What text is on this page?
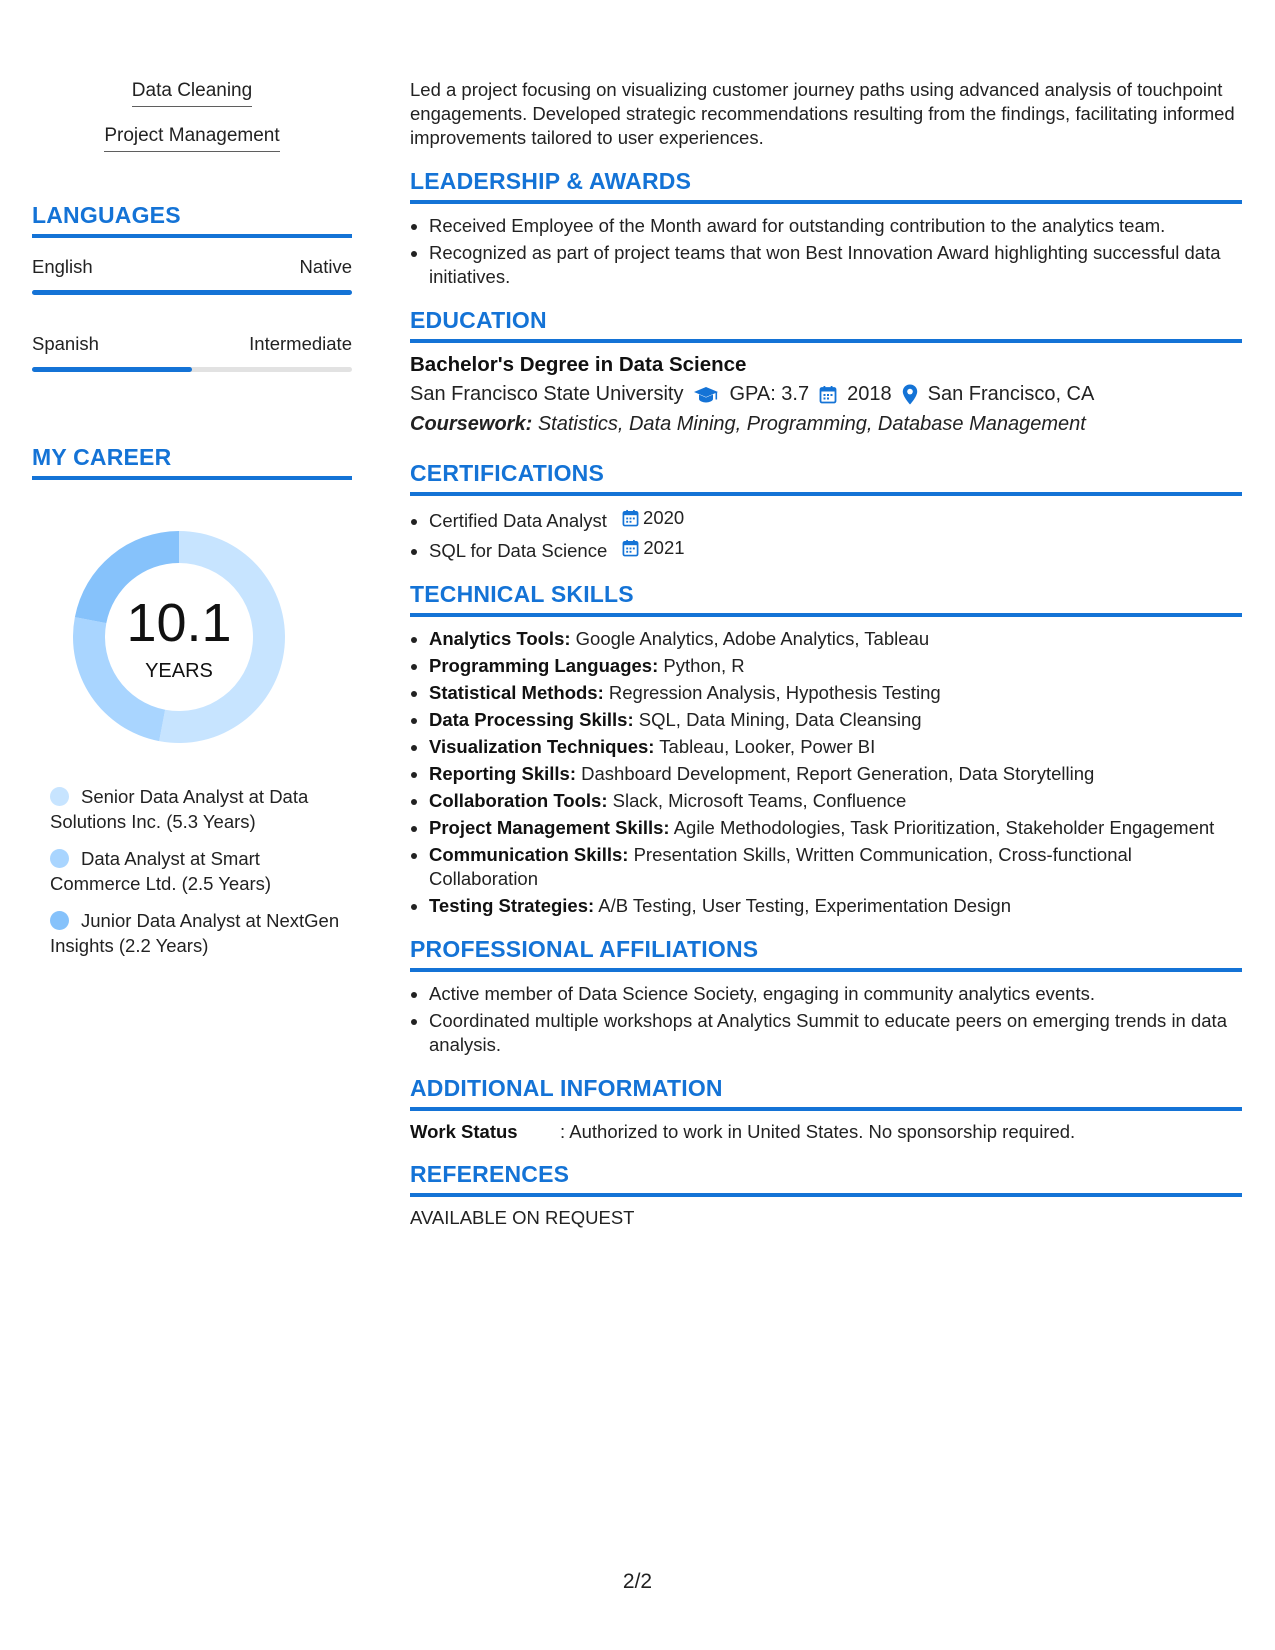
Data Cleaning
Project Management
LANGUAGES
English	Native
Spanish	Intermediate
MY CAREER
10.1
YEARS
Senior Data Analyst at Data Solutions Inc. (5.3 Years)
Data Analyst at Smart Commerce Ltd. (2.5 Years)
Junior Data Analyst at NextGen Insights (2.2 Years)

Led a project focusing on visualizing customer journey paths using advanced analysis of touchpoint engagements. Developed strategic recommendations resulting from the findings, facilitating informed improvements tailored to user experiences.

LEADERSHIP & AWARDS
• Received Employee of the Month award for outstanding contribution to the analytics team.
• Recognized as part of project teams that won Best Innovation Award highlighting successful data initiatives.
EDUCATION
Bachelor's Degree in Data Science
San Francisco State University GPA: 3.7 2018 San Francisco, CA
Coursework: Statistics, Data Mining, Programming, Database Management
CERTIFICATIONS
• Certified Data Analyst 2020
• SQL for Data Science 2021
TECHNICAL SKILLS
• Analytics Tools: Google Analytics, Adobe Analytics, Tableau
• Programming Languages: Python, R
• Statistical Methods: Regression Analysis, Hypothesis Testing
• Data Processing Skills: SQL, Data Mining, Data Cleansing
• Visualization Techniques: Tableau, Looker, Power BI
• Reporting Skills: Dashboard Development, Report Generation, Data Storytelling
• Collaboration Tools: Slack, Microsoft Teams, Confluence
• Project Management Skills: Agile Methodologies, Task Prioritization, Stakeholder Engagement
• Communication Skills: Presentation Skills, Written Communication, Cross-functional Collaboration
• Testing Strategies: A/B Testing, User Testing, Experimentation Design
PROFESSIONAL AFFILIATIONS
• Active member of Data Science Society, engaging in community analytics events.
• Coordinated multiple workshops at Analytics Summit to educate peers on emerging trends in data analysis.
ADDITIONAL INFORMATION
Work Status	: Authorized to work in United States. No sponsorship required.
REFERENCES
AVAILABLE ON REQUEST
2/2
